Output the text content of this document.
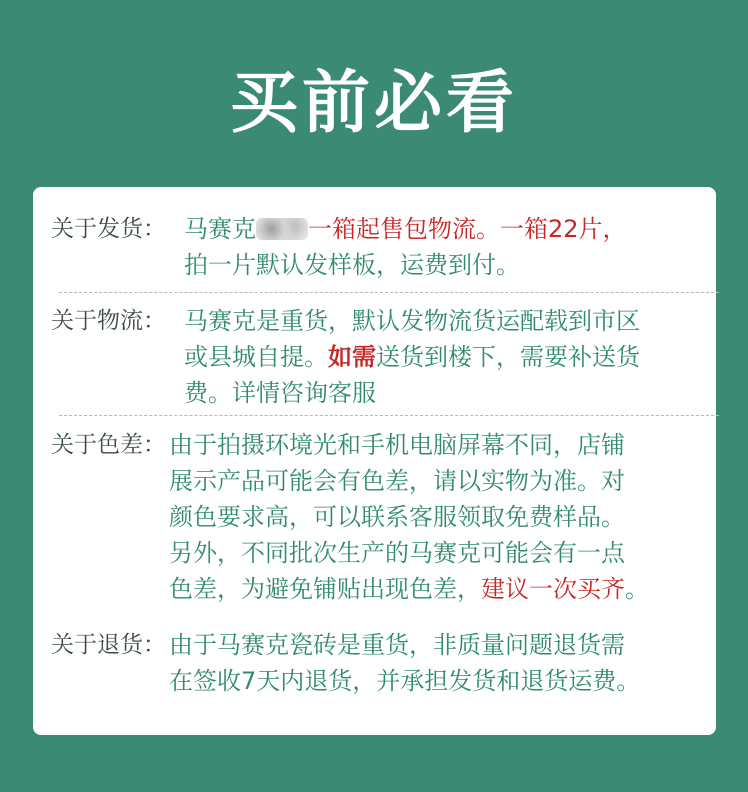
买前必看
关于发货： 马赛克 一箱起售包物流。一箱22片，
拍一片默认发样板，运费到付。
关于物流： 马赛克是重货，默认发物流货运配载到市区
或县城自提。如需送货到楼下，需要补送货
费。详情咨询客服
关于色差： 由于拍摄环境光和手机电脑屏幕不同，店铺
展示产品可能会有色差，请以实物为准。对
颜色要求高，可以联系客服领取免费样品。
另外，不同批次生产的马赛克可能会有一点
色差，为避免铺贴出现色差，建议一次买齐。
关于退货： 由于马赛克瓷砖是重货，非质量问题退货需
在签收7天内退货，并承担发货和退货运费。
